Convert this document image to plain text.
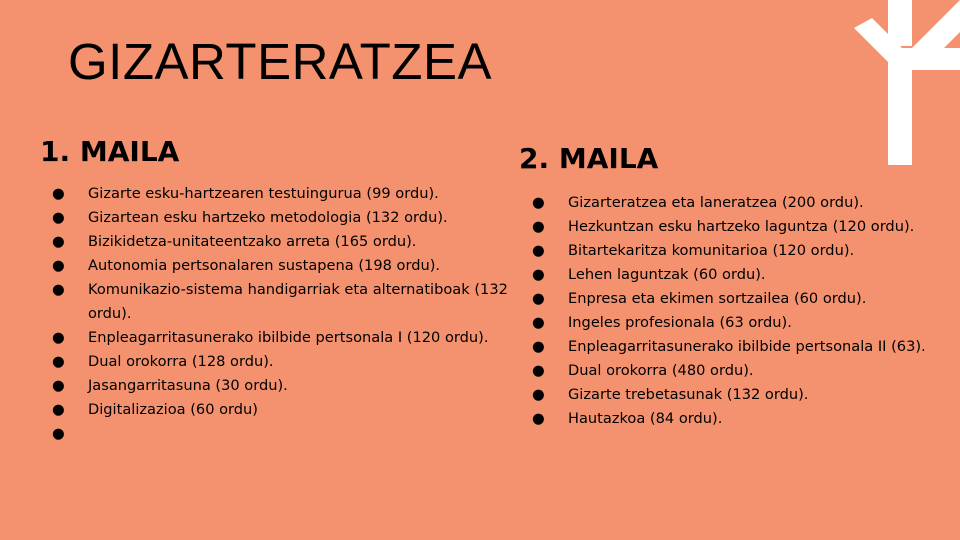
GIZARTERATZEA
1. MAILA
●	Gizarte esku-hartzearen testuingurua (99 ordu).
●	Gizartean esku hartzeko metodologia (132 ordu).
●	Bizikidetza-unitateentzako arreta (165 ordu).
●	Autonomia pertsonalaren sustapena (198 ordu).
●	Komunikazio-sistema handigarriak eta alternatiboak (132 ordu).
●	Enpleagarritasunerako ibilbide pertsonala I (120 ordu).
●	Dual orokorra (128 ordu).
●	Jasangarritasuna (30 ordu).
●	Digitalizazioa (60 ordu)
●
2. MAILA
●	Gizarteratzea eta laneratzea (200 ordu).
●	Hezkuntzan esku hartzeko laguntza (120 ordu).
●	Bitartekaritza komunitarioa (120 ordu).
●	Lehen laguntzak (60 ordu).
●	Enpresa eta ekimen sortzailea (60 ordu).
●	Ingeles profesionala (63 ordu).
●	Enpleagarritasunerako ibilbide pertsonala II (63).
●	Dual orokorra (480 ordu).
●	Gizarte trebetasunak (132 ordu).
●	Hautazkoa (84 ordu).
